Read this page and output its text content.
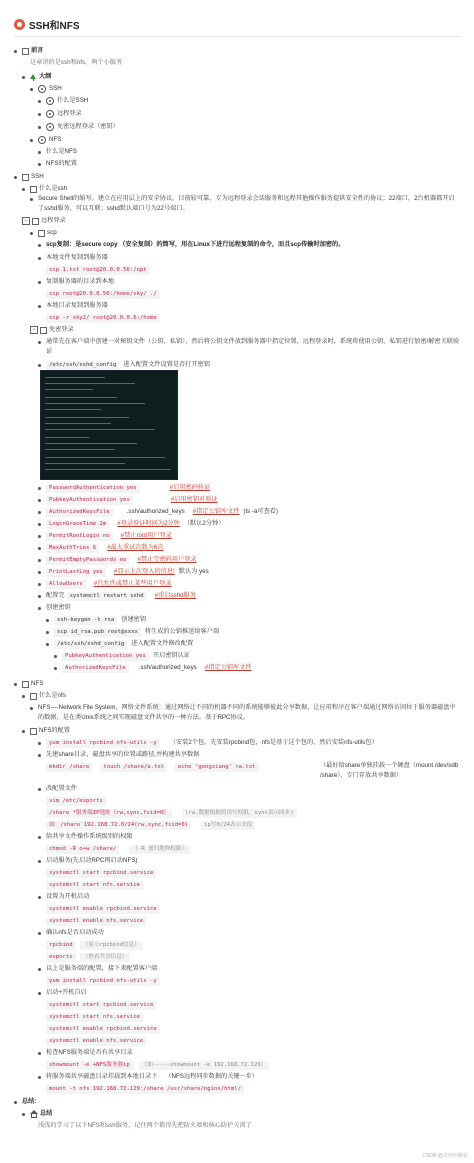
SSH和NFS
前言
这章讲的是ssh和nfs，两个小服务
大纲
SSH
什么是SSH
远程登录
免密远程登录（密钥）
NFS
什么是NFS
NFS的配置
SSH
什么是ssh
Secure Shell的缩写。建立在应用层上的安全协议。目前较可靠，专为远程登录会话服务和远程其他操作服务提供安全性的协议；22端口，2台机器都开启了sshd服务，可以互联；sshd默认端口号为22号端口。
−	远程登录
scp
scp复制：是secure copy （安全复制）的简写，用在Linux下进行远程复制的命令，而且scp传输时加密的。
本地文件复制到服务器
scp 1.txt root@20.0.0.56:/opt
复制服务器的目录到本地
scp root@20.0.0.50:/home/sky/ ./
本地目录复制到服务器
scp -r sky2/ root@20.0.0.6:/home
−	免密登录
通常先在客户端中创建一对秘钥文件（公钥、私钥），然后将公钥文件放到服务器中指定位置，远程登录时，系统将使用公钥、私钥进行加密/解密关联验证
/etc/ssh/sshd_config	进入配置文件设置是否打开密钥
PasswordAuthentication yes	#启用密码验证
PubkeyAuthentication yes	#启用密钥对验证
AuthorizedKeysFile	.ssh/authorized_keys #指定公钥库文件 (ls -a可查看)
LoginGraceTime 2m	#登录验证时间为2分钟 （默认2分钟）
PermitRootLogin no	#禁止root用户登录
MaxAuthTries 6	#最大重试次数为6次
PermitEmptyPasswords no	#禁止空密码用户登录
PrintLastLog yes	#显示上次登入的信息! 默认为 yes
AllowUsers	#只允许或禁止某些用户登录
配置完 systemctl restart sshd	#重启sshd服务
创建密钥
ssh-keygen -t rsa	创建密钥
scp id_rsa.pub root@xxxx	将生成的公钥推送给客户端
/etc/ssh/sshd_config	进入配置文件修改配置
PubkeyAuthentication yes	开启密钥认证
AuthorizedKeysFile	.ssh/authorized_keys #指定公钥库文件
NFS
什么是nfs
NFS----Network File System，网络文件系统：通过网络让不同的机器不同的系统能够彼此分享数据，让应用程序在客户端通过网络访问位于服务器磁盘中的数据，是在类Unix系统之间实现磁盘文件共享的一种方法。基于RPC协议。
NFS的配置
yum install rpcbind nfs-utils -y	（安装2个包，先安装rpcbind包，nfs是基于这个包的，然后安装nfs-utils包）
先建share目录，磁盘共享的位置或路径,并构建共享数据
mkdir /share	touch /share/a.txt	echo 'gongxiang' >a.txt	（最好给share单独挂载一个硬盘（mount /dev/sdb /share），专门存放共享数据）
改配置文件
vim /etc/exports
/share *服务端IP地址（rw,sync,fsid=0）	(rw,数据根据的读写权限，sync表示同步)
如：/share 192.168.72.0/24(rw,sync,fsid=0)	ip写0/24表示全段
给共享文件操作系统级别的权限
chmod -R o+w /share/	（-R 递归地修权限）
启动服务(先启动RPC再启动NFS)
systemctl start rpcbind.service
systemctl start nfs.service
设置为开机启动
systemctl enable rpcbind.service
systemctl enable nfs.service
确认nfs是否启动成功
rpcbind	（显示rpcbind信息）
exports	（查看共享信息）
以上是服务端的配置，接下来配置客户端
yum install rpcbind nfs-utils -y
启动+开机自启
systemctl start rpcbind.service
systemctl start nfs.service
systemctl enable rpcbind.service
systemctl enable nfs.service
检查NFS服务端是否有共享目录
showmount -e +NFS服务器ip	（如-----showmount -e 192.168.72.129）
将服务端共享磁盘目录挂载到本地目录下 （NFS远程同步数据的关键一步）
mount -t nfs 192.168.72.129:/share /usr/share/nginx/html/
总结:
总结
浅浅的学习了以下NFS和ssh服务，记住两个都得先把防火墙和核心防护关闭了
CSDN @奇怪的蘑菇
